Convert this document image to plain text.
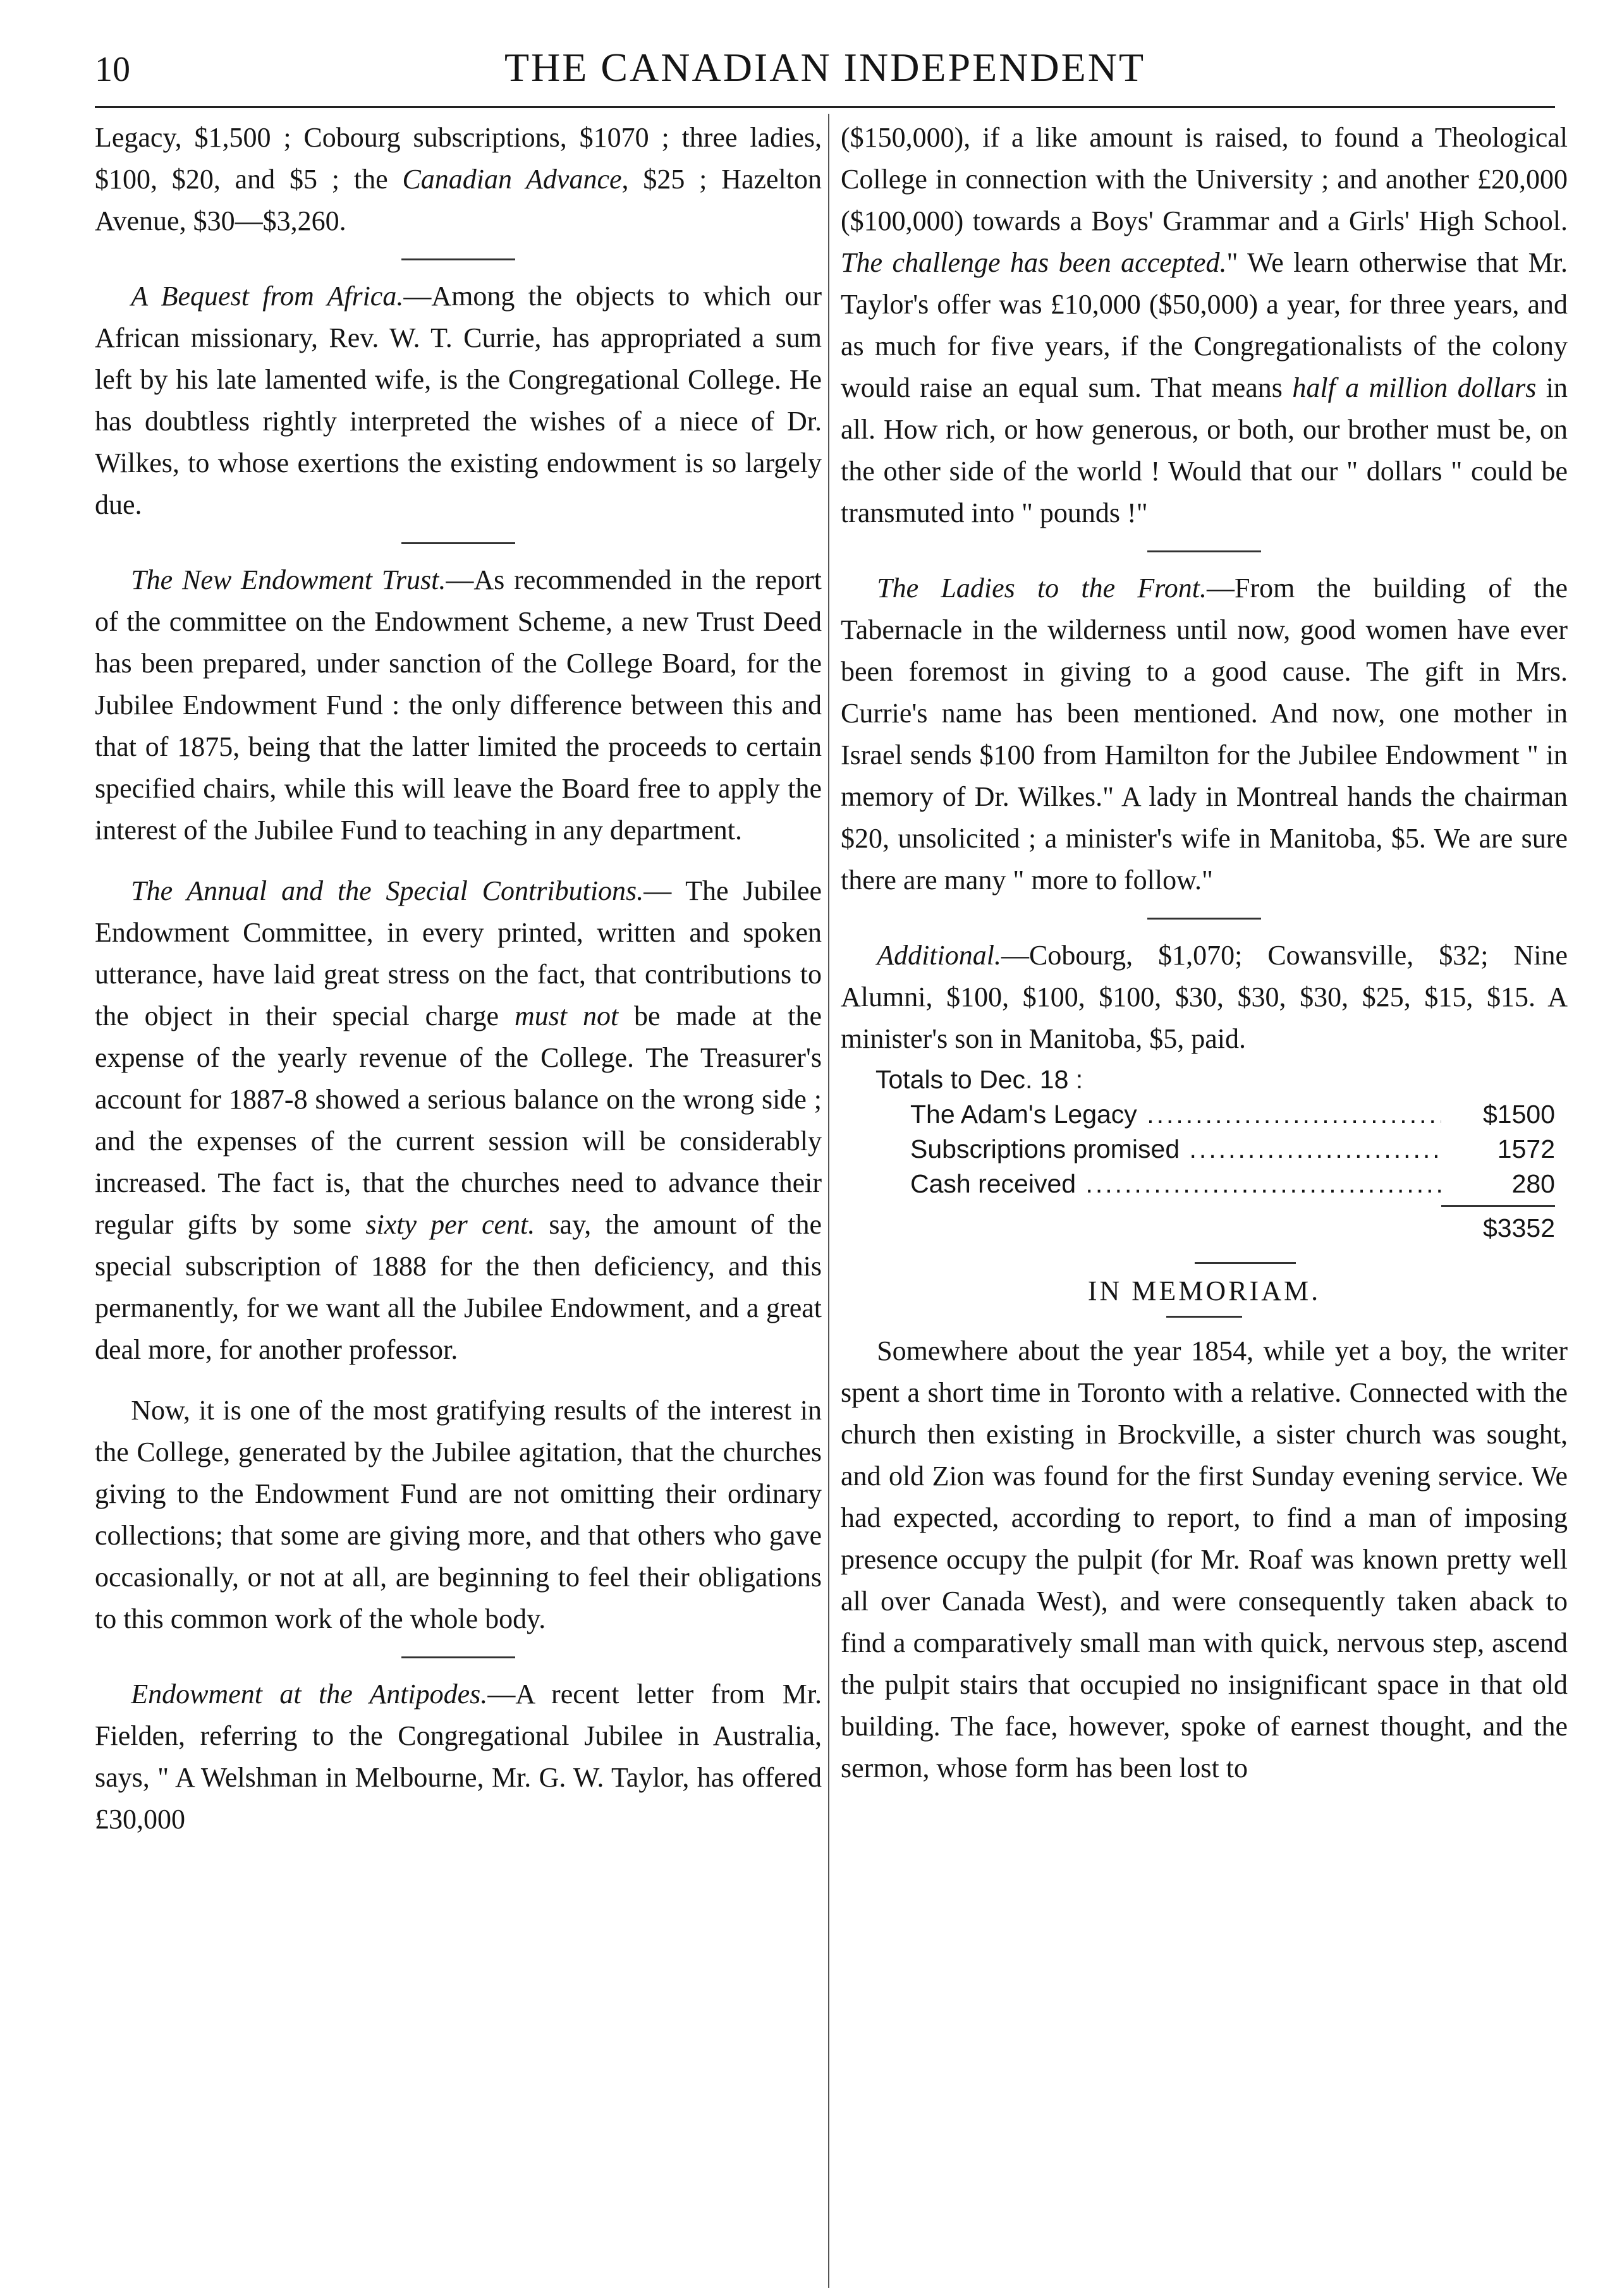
10	THE CANADIAN INDEPENDENT

Legacy, $1,500 ; Cobourg subscriptions, $1070 ; three ladies, $100, $20, and $5 ; the Canadian Advance, $25 ; Hazelton Avenue, $30—$3,260.

A Bequest from Africa.—Among the objects to which our African missionary, Rev. W. T. Currie, has appropriated a sum left by his late lamented wife, is the Congregational College. He has doubtless rightly interpreted the wishes of a niece of Dr. Wilkes, to whose exertions the existing endowment is so largely due.

The New Endowment Trust.—As recommended in the report of the committee on the Endowment Scheme, a new Trust Deed has been prepared, under sanction of the College Board, for the Jubilee Endowment Fund : the only difference between this and that of 1875, being that the latter limited the proceeds to certain specified chairs, while this will leave the Board free to apply the interest of the Jubilee Fund to teaching in any department.

The Annual and the Special Contributions.— The Jubilee Endowment Committee, in every printed, written and spoken utterance, have laid great stress on the fact, that contributions to the object in their special charge must not be made at the expense of the yearly revenue of the College. The Treasurer's account for 1887-8 showed a serious balance on the wrong side ; and the expenses of the current session will be considerably increased. The fact is, that the churches need to advance their regular gifts by some sixty per cent. say, the amount of the special subscription of 1888 for the then deficiency, and this permanently, for we want all the Jubilee Endowment, and a great deal more, for another professor.

Now, it is one of the most gratifying results of the interest in the College, generated by the Jubilee agitation, that the churches giving to the Endowment Fund are not omitting their ordinary collections; that some are giving more, and that others who gave occasionally, or not at all, are beginning to feel their obligations to this common work of the whole body.

Endowment at the Antipodes.—A recent letter from Mr. Fielden, referring to the Congregational Jubilee in Australia, says, " A Welshman in Melbourne, Mr. G. W. Taylor, has offered £30,000

($150,000), if a like amount is raised, to found a Theological College in connection with the University ; and another £20,000 ($100,000) towards a Boys' Grammar and a Girls' High School. The challenge has been accepted." We learn otherwise that Mr. Taylor's offer was £10,000 ($50,000) a year, for three years, and as much for five years, if the Congregationalists of the colony would raise an equal sum. That means half a million dollars in all. How rich, or how generous, or both, our brother must be, on the other side of the world ! Would that our " dollars " could be transmuted into " pounds !"

The Ladies to the Front.—From the building of the Tabernacle in the wilderness until now, good women have ever been foremost in giving to a good cause. The gift in Mrs. Currie's name has been mentioned. And now, one mother in Israel sends $100 from Hamilton for the Jubilee Endowment " in memory of Dr. Wilkes." A lady in Montreal hands the chairman $20, unsolicited ; a minister's wife in Manitoba, $5. We are sure there are many " more to follow."

Additional.—Cobourg, $1,070; Cowansville, $32; Nine Alumni, $100, $100, $100, $30, $30, $30, $25, $15, $15. A minister's son in Manitoba, $5, paid.

Totals to Dec. 18 :
The Adam's Legacy .....	$1500
Subscriptions promised .....	1572
Cash received .....	280
$3352

IN MEMORIAM.

Somewhere about the year 1854, while yet a boy, the writer spent a short time in Toronto with a relative. Connected with the church then existing in Brockville, a sister church was sought, and old Zion was found for the first Sunday evening service. We had expected, according to report, to find a man of imposing presence occupy the pulpit (for Mr. Roaf was known pretty well all over Canada West), and were consequently taken aback to find a comparatively small man with quick, nervous step, ascend the pulpit stairs that occupied no insignificant space in that old building. The face, however, spoke of earnest thought, and the sermon, whose form has been lost to
